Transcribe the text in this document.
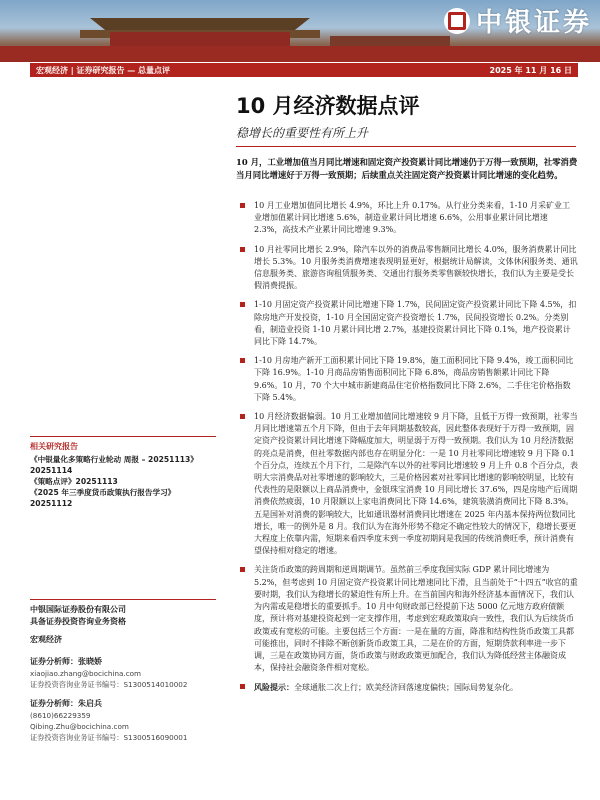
中银证券
宏观经济 | 证券研究报告 — 总量点评	2025 年 11 月 16 日
10 月经济数据点评
稳增长的重要性有所上升

10 月，工业增加值当月同比增速和固定资产投资累计同比增速仍于万得一致预期，社零消费当月同比增速好于万得一致预期；后续重点关注固定资产投资累计同比增速的变化趋势。

10 月工业增加值同比增长 4.9%，环比上升 0.17%。从行业分类来看，1-10 月采矿业工业增加值累计同比增速 5.6%，制造业累计同比增速 6.6%，公用事业累计同比增速 2.3%，高技术产业累计同比增速 9.3%。
10 月社零同比增长 2.9%，除汽车以外的消费品零售额同比增长 4.0%，服务消费累计同比增长 5.3%。10 月服务类消费增速表现明显更好，根据统计局解读，文体休闲服务类、通讯信息服务类、旅游咨询租赁服务类、交通出行服务类零售额较快增长，我们认为主要是受长假消费提振。
1-10 月固定资产投资累计同比增速下降 1.7%，民间固定资产投资累计同比下降 4.5%，扣除房地产开发投资，1-10 月全国固定资产投资增长 1.7%，民间投资增长 0.2%。分类别看，制造业投资 1-10 月累计同比增 2.7%，基建投资累计同比下降 0.1%，地产投资累计同比下降 14.7%。
1-10 月房地产新开工面积累计同比下降 19.8%，施工面积同比下降 9.4%，竣工面积同比下降 16.9%。1-10 月商品房销售面积同比下降 6.8%，商品房销售额累计同比下降 9.6%。10 月，70 个大中城市新建商品住宅价格指数同比下降 2.6%，二手住宅价格指数下降 5.4%。
10 月经济数据偏弱。10 月工业增加值同比增速较 9 月下降，且低于万得一致预期，社零当月同比增速第五个月下降，但由于去年同期基数较高，因此整体表现好于万得一致预期，固定资产投资累计同比增速下降幅度加大，明显弱于万得一致预期。我们认为 10 月经济数据的亮点是消费，但社零数据内部也存在明显分化：一是 10 月社零同比增速较 9 月下降 0.1 个百分点，连续五个月下行，二是除汽车以外的社零同比增速较 9 月上升 0.8 个百分点，表明大宗消费品对社零增速的影响较大，三是价格因素对社零同比增速的影响较明显，比较有代表性的是限额以上商品消费中，金银珠宝消费 10 月同比增长 37.6%，四是房地产后周期消费依然疲弱，10 月限额以上家电消费同比下降 14.6%，建筑装潢消费同比下降 8.3%。五是国补对消费的影响较大，比如通讯器材消费同比增速在 2025 年内基本保持两位数同比增长，唯一的例外是 8 月。我们认为在海外形势不稳定不确定性较大的情况下，稳增长要更大程度上依靠内需，短期来看四季度末到一季度初期间是我国的传统消费旺季，预计消费有望保持相对稳定的增速。
关注货币政策的跨周期和逆周期调节。虽然前三季度我国实际 GDP 累计同比增速为 5.2%，但考虑到 10 月固定资产投资累计同比增速同比下滑，且当前处于“十四五”收官的重要时期，我们认为稳增长的紧迫性有所上升。在当前国内和海外经济基本面情况下，我们认为内需或是稳增长的重要抓手。10 月中旬财政部已经提前下达 5000 亿元地方政府债额度，预计将对基建投资起到一定支撑作用，考虑到宏观政策取向一致性，我们认为后续货币政策或有宽松的可能。主要包括三个方面：一是在量的方面，降准和结构性货币政策工具都可能推出，同时不排除不断创新货币政策工具，二是在价的方面，短期贷款利率进一步下调，三是在政策协同方面，货币政策与财政政策更加配合，我们认为降低经营主体融资成本，保持社会融资条件相对宽松。
风险提示：全球通胀二次上行；欧美经济回落速度偏快；国际局势复杂化。
相关研究报告
《中银量化多策略行业轮动 周报 – 20251113》20251114
《策略点评》20251113
《2025 年三季度货币政策执行报告学习》20251112
中银国际证券股份有限公司
具备证券投资咨询业务资格
宏观经济
证券分析师：张晓娇
xiaojiao.zhang@bocichina.com
证券投资咨询业务证书编号：S1300514010002
证券分析师：朱启兵
(8610)66229359
Qibing.Zhu@bocichina.com
证券投资咨询业务证书编号：S1300516090001
